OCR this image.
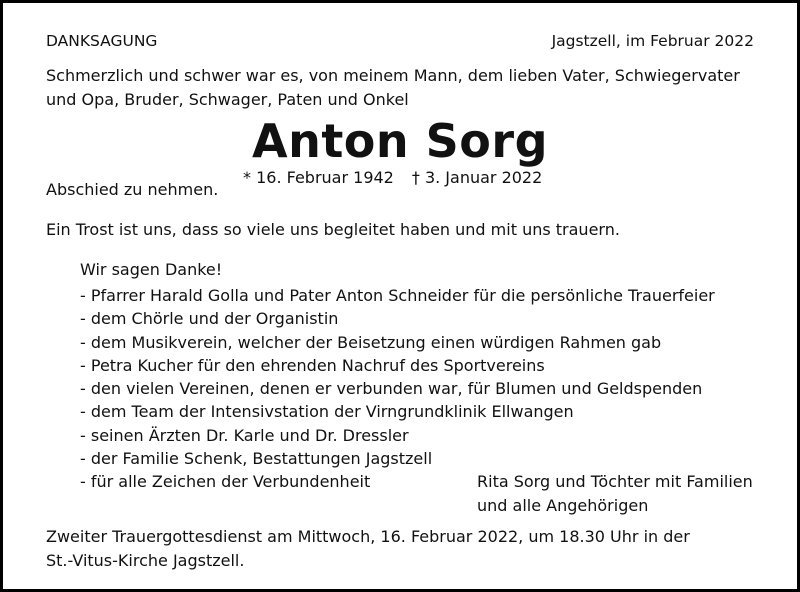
DANKSAGUNG	Jagstzell, im Februar 2022
Schmerzlich und schwer war es, von meinem Mann, dem lieben Vater, Schwiegervater
und Opa, Bruder, Schwager, Paten und Onkel
Anton Sorg
* 16. Februar 1942 † 3. Januar 2022
Abschied zu nehmen.
Ein Trost ist uns, dass so viele uns begleitet haben und mit uns trauern.
Wir sagen Danke!
- Pfarrer Harald Golla und Pater Anton Schneider für die persönliche Trauerfeier
- dem Chörle und der Organistin
- dem Musikverein, welcher der Beisetzung einen würdigen Rahmen gab
- Petra Kucher für den ehrenden Nachruf des Sportvereins
- den vielen Vereinen, denen er verbunden war, für Blumen und Geldspenden
- dem Team der Intensivstation der Virngrundklinik Ellwangen
- seinen Ärzten Dr. Karle und Dr. Dressler
- der Familie Schenk, Bestattungen Jagstzell
- für alle Zeichen der Verbundenheit	Rita Sorg und Töchter mit Familien
und alle Angehörigen
Zweiter Trauergottesdienst am Mittwoch, 16. Februar 2022, um 18.30 Uhr in der
St.-Vitus-Kirche Jagstzell.
